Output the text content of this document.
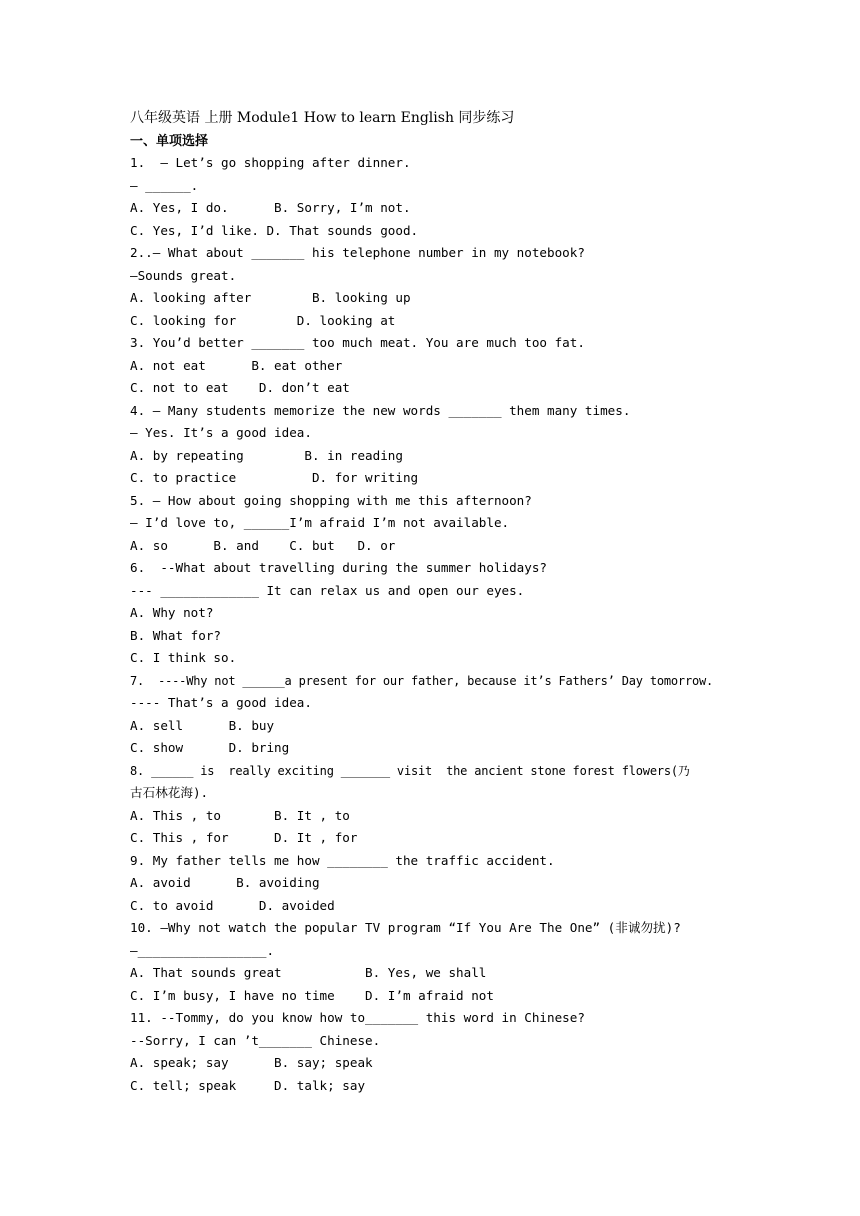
八年级英语 上册 Module1 How to learn English 同步练习
一、单项选择
1.  – Let’s go shopping after dinner.
– ______.
A. Yes, I do.      B. Sorry, I’m not.
C. Yes, I’d like. D. That sounds good.
2..— What about _______ his telephone number in my notebook?
—Sounds great.
A. looking after        B. looking up
C. looking for        D. looking at
3. You’d better _______ too much meat. You are much too fat.
A. not eat      B. eat other
C. not to eat    D. don’t eat
4. — Many students memorize the new words _______ them many times.
— Yes. It’s a good idea.
A. by repeating        B. in reading
C. to practice          D. for writing
5. — How about going shopping with me this afternoon?
— I’d love to, ______I’m afraid I’m not available.
A. so      B. and    C. but   D. or
6.  --What about travelling during the summer holidays?
--- _____________ It can relax us and open our eyes.
A. Why not?
B. What for?
C. I think so.
7.  ----Why not ______a present for our father, because it’s Fathers’ Day tomorrow.
---- That’s a good idea.
A. sell      B. buy
C. show      D. bring
8. ______ is  really exciting _______ visit  the ancient stone forest flowers(乃
古石林花海).
A. This , to       B. It , to
C. This , for      D. It , for
9. My father tells me how ________ the traffic accident.
A. avoid      B. avoiding
C. to avoid      D. avoided
10. —Why not watch the popular TV program “If You Are The One” (非诚勿扰)?
—_________________.
A. That sounds great           B. Yes, we shall
C. I’m busy, I have no time    D. I’m afraid not
11. --Tommy, do you know how to_______ this word in Chinese?
--Sorry, I can ’t_______ Chinese.
A. speak; say      B. say; speak
C. tell; speak     D. talk; say
